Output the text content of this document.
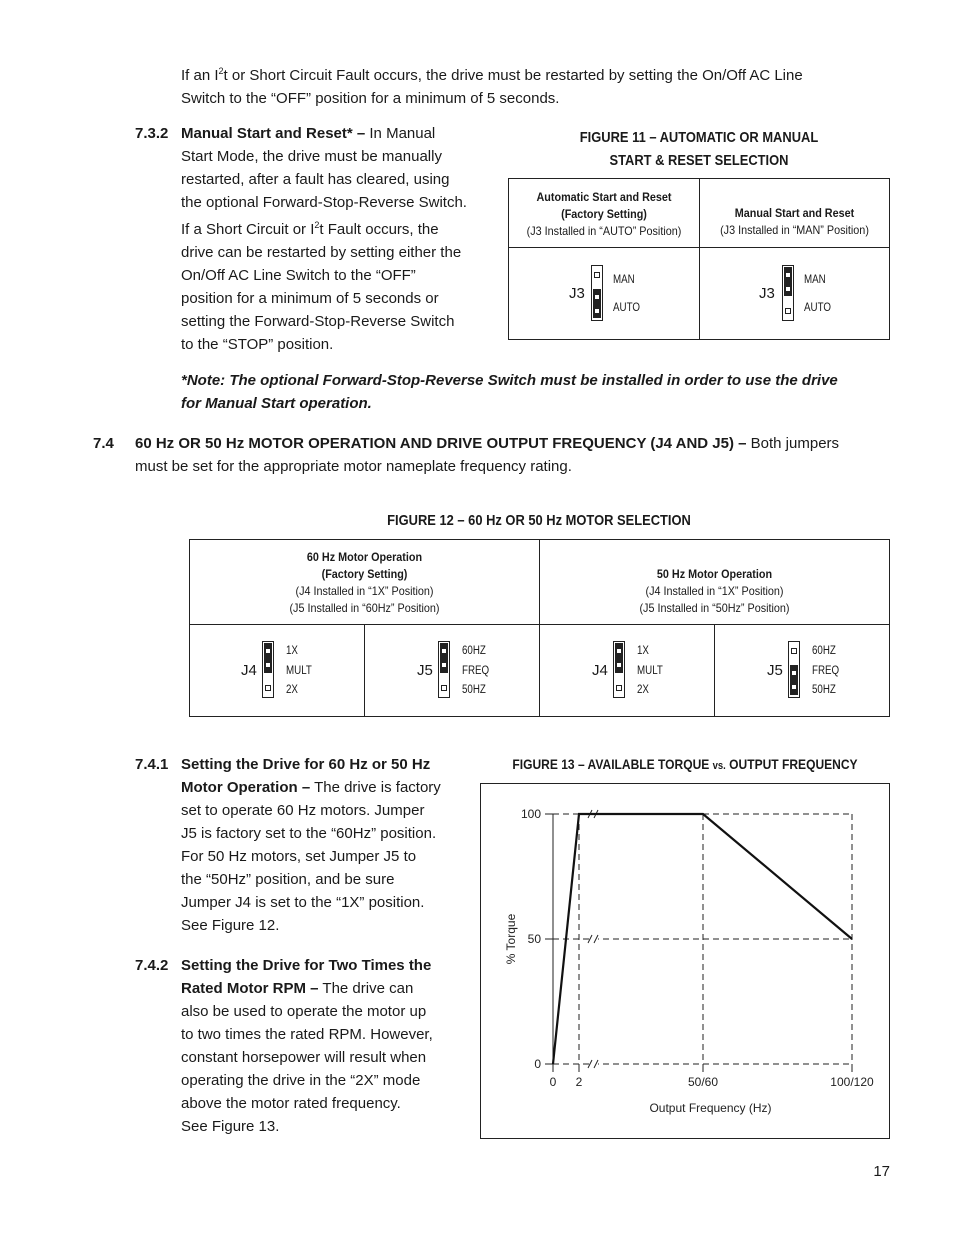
If an $I^2t$ or Short Circuit Fault occurs, the drive must be restarted by setting the On/Off AC Line
Switch to the “OFF” position for a minimum of 5 seconds.
7.3.2 Manual Start and Reset* – In Manual
Start Mode, the drive must be manually
restarted, after a fault has cleared, using
the optional Forward-Stop-Reverse Switch.
If a Short Circuit or $I^2t$ Fault occurs, the
drive can be restarted by setting either the
On/Off AC Line Switch to the “OFF”
position for a minimum of 5 seconds or
setting the Forward-Stop-Reverse Switch
to the “STOP” position.
FIGURE 11 – AUTOMATIC OR MANUAL
START & RESET SELECTION
Automatic Start and Reset
(Factory Setting)
(J3 Installed in “AUTO” Position)
Manual Start and Reset
(J3 Installed in “MAN” Position)
J3
MAN
AUTO
J3
MAN
AUTO
*Note: The optional Forward-Stop-Reverse Switch must be installed in order to use the drive
for Manual Start operation.
7.4 60 Hz OR 50 Hz MOTOR OPERATION AND DRIVE OUTPUT FREQUENCY (J4 AND J5) – Both jumpers
must be set for the appropriate motor nameplate frequency rating.
FIGURE 12 – 60 Hz OR 50 Hz MOTOR SELECTION
60 Hz Motor Operation
(Factory Setting)
(J4 Installed in “1X” Position)
(J5 Installed in “60Hz” Position)
50 Hz Motor Operation
(J4 Installed in “1X” Position)
(J5 Installed in “50Hz” Position)
J4
1X
MULT
2X
J5
60HZ
FREQ
50HZ
J4
1X
MULT
2X
J5
60HZ
FREQ
50HZ
7.4.1 Setting the Drive for 60 Hz or 50 Hz
Motor Operation – The drive is factory
set to operate 60 Hz motors. Jumper
J5 is factory set to the “60Hz” position.
For 50 Hz motors, set Jumper J5 to
the “50Hz” position, and be sure
Jumper J4 is set to the “1X” position.
See Figure 12.
7.4.2 Setting the Drive for Two Times the
Rated Motor RPM – The drive can
also be used to operate the motor up
to two times the rated RPM. However,
constant horsepower will result when
operating the drive in the “2X” mode
above the motor rated frequency.
See Figure 13.
FIGURE 13 – AVAILABLE TORQUE vs. OUTPUT FREQUENCY
0
50
100
0 2	50/60	100/120
% Torque
Output Frequency (Hz)
17
